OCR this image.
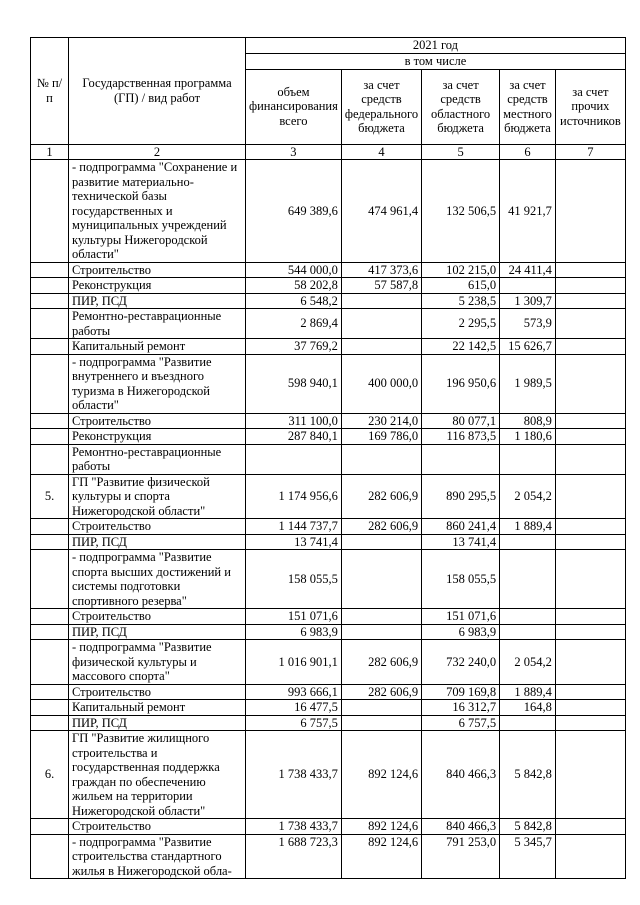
№ п/п	Государственная программа (ГП) / вид работ	2021 год				
		в том числе				
		объем финансирования всего	за счет средств федерального бюджета	за счет средств областного бюджета	за счет средств местного бюджета	за счет прочих источников
1	2	3	4	5	6	7
	- подпрограмма "Сохранение и развитие материально-технической базы государственных и муниципальных учреждений культуры Нижегородской области"	649 389,6	474 961,4	132 506,5	41 921,7	
	Строительство	544 000,0	417 373,6	102 215,0	24 411,4	
	Реконструкция	58 202,8	57 587,8	615,0		
	ПИР, ПСД	6 548,2		5 238,5	1 309,7	
	Ремонтно-реставрационные работы	2 869,4		2 295,5	573,9	
	Капитальный ремонт	37 769,2		22 142,5	15 626,7	
	- подпрограмма "Развитие внутреннего и въездного туризма в Нижегородской области"	598 940,1	400 000,0	196 950,6	1 989,5	
	Строительство	311 100,0	230 214,0	80 077,1	808,9	
	Реконструкция	287 840,1	169 786,0	116 873,5	1 180,6	
	Ремонтно-реставрационные работы					
5.	ГП "Развитие физической культуры и спорта Нижегородской области"	1 174 956,6	282 606,9	890 295,5	2 054,2	
	Строительство	1 144 737,7	282 606,9	860 241,4	1 889,4	
	ПИР, ПСД	13 741,4		13 741,4		
	- подпрограмма "Развитие спорта высших достижений и системы подготовки спортивного резерва"	158 055,5		158 055,5		
	Строительство	151 071,6		151 071,6		
	ПИР, ПСД	6 983,9		6 983,9		
	- подпрограмма "Развитие физической культуры и массового спорта"	1 016 901,1	282 606,9	732 240,0	2 054,2	
	Строительство	993 666,1	282 606,9	709 169,8	1 889,4	
	Капитальный ремонт	16 477,5		16 312,7	164,8	
	ПИР, ПСД	6 757,5		6 757,5		
6.	ГП "Развитие жилищного строительства и государственная поддержка граждан по обеспечению жильем на территории Нижегородской области"	1 738 433,7	892 124,6	840 466,3	5 842,8	
	Строительство	1 738 433,7	892 124,6	840 466,3	5 842,8	
	- подпрограмма "Развитие строительства стандартного жилья в Нижегородской обла-	1 688 723,3	892 124,6	791 253,0	5 345,7	
